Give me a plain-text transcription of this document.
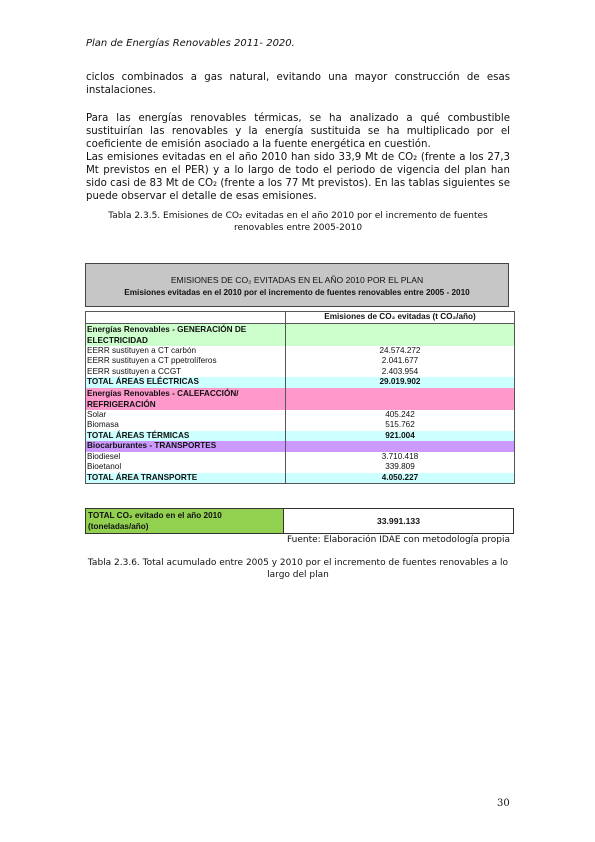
Plan de Energías Renovables 2011- 2020.

ciclos combinados a gas natural, evitando una mayor construcción de esas instalaciones.

Para las energías renovables térmicas, se ha analizado a qué combustible sustituirían las renovables y la energía sustituida se ha multiplicado por el coeficiente de emisión asociado a la fuente energética en cuestión.

Las emisiones evitadas en el año 2010 han sido 33,9 Mt de CO₂ (frente a los 27,3 Mt previstos en el PER) y a lo largo de todo el periodo de vigencia del plan han sido casi de 83 Mt de CO₂ (frente a los 77 Mt previstos). En las tablas siguientes se puede observar el detalle de esas emisiones.

Tabla 2.3.5. Emisiones de CO₂ evitadas en el año 2010 por el incremento de fuentes renovables entre 2005-2010

EMISIONES DE CO₂ EVITADAS EN EL AÑO 2010 POR EL PLAN
Emisiones evitadas en el 2010 por el incremento de fuentes renovables entre 2005 - 2010
	Emisiones de CO₂ evitadas (t CO₂/año)
Energías Renovables - GENERACIÓN DE ELECTRICIDAD	
EERR sustituyen a CT carbón	24.574.272
EERR sustituyen a CT ppetrolíferos	2.041.677
EERR sustituyen a CCGT	2.403.954
TOTAL ÁREAS ELÉCTRICAS	29.019.902
Energías Renovables - CALEFACCIÓN/ REFRIGERACIÓN	
Solar	405.242
Biomasa	515.762
TOTAL ÁREAS TÉRMICAS	921.004
Biocarburantes - TRANSPORTES	
Biodiesel	3.710.418
Bioetanol	339.809
TOTAL ÁREA TRANSPORTE	4.050.227
TOTAL CO₂ evitado en el año 2010 (toneladas/año)	33.991.133
Fuente: Elaboración IDAE con metodología propia

Tabla 2.3.6. Total acumulado entre 2005 y 2010 por el incremento de fuentes renovables a lo largo del plan

30
